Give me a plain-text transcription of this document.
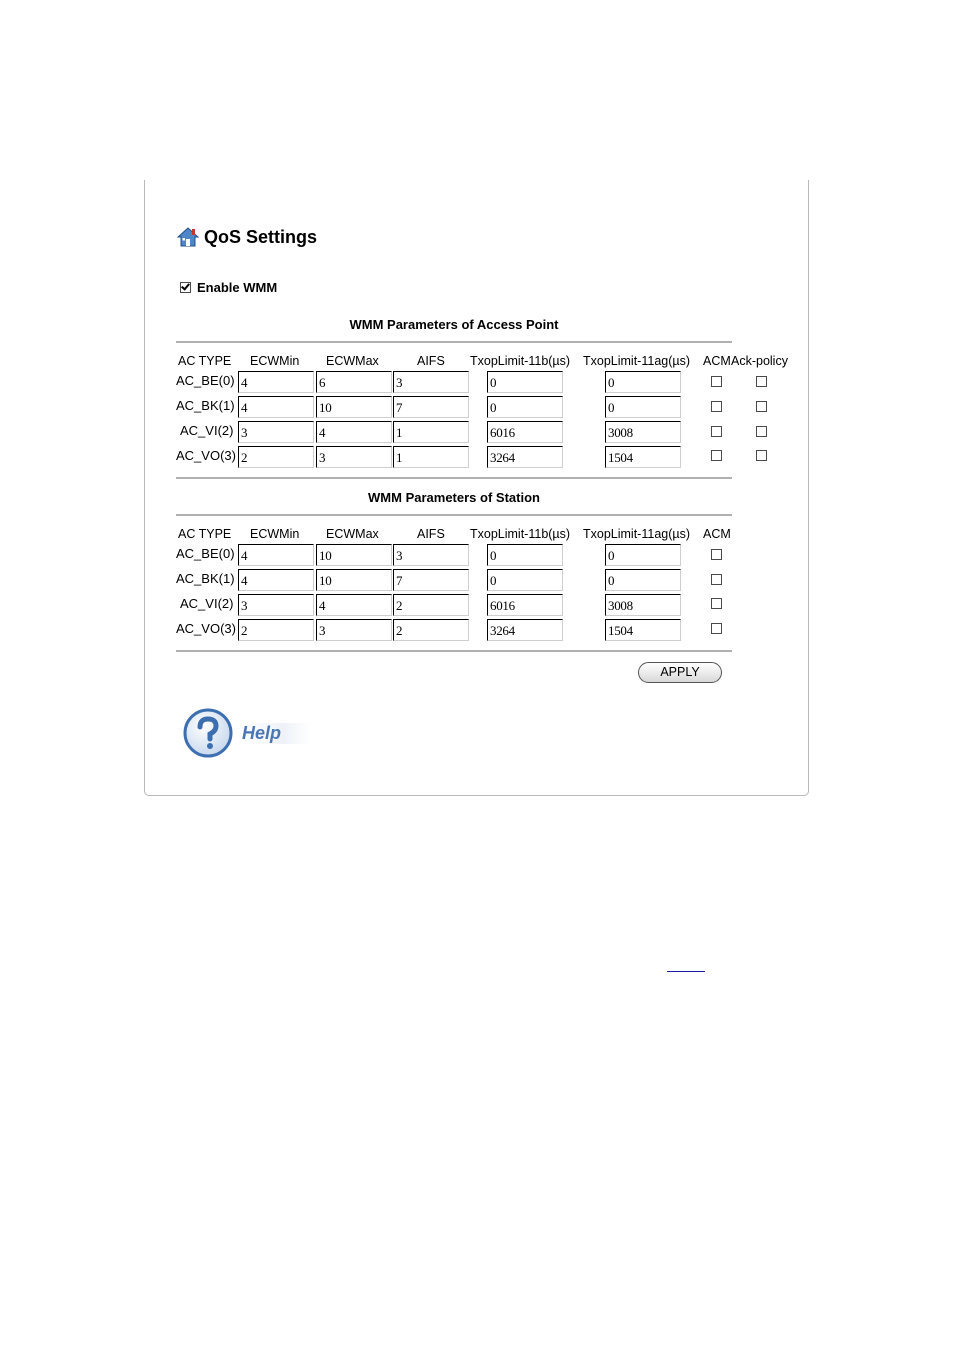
QoS Settings
Enable WMM
WMM Parameters of Access Point
AC TYPE ECWMin ECWMax	AIFS TxopLimit-11b(µs) TxopLimit-11ag(µs) ACM Ack-policy
AC_BE(0) 4	6	3	0	0
AC_BK(1) 4	10	7	0	0
AC_VI(2) 3	4	1	6016	3008
AC_VO(3) 2	3	1	3264	1504
WMM Parameters of Station
AC TYPE ECWMin ECWMax	AIFS TxopLimit-11b(µs) TxopLimit-11ag(µs) ACM
AC_BE(0) 4	10	3	0	0
AC_BK(1) 4	10	7	0	0
AC_VI(2) 3	4	2	6016	3008
AC_VO(3) 2	3	2	3264	1504
APPLY
Help
